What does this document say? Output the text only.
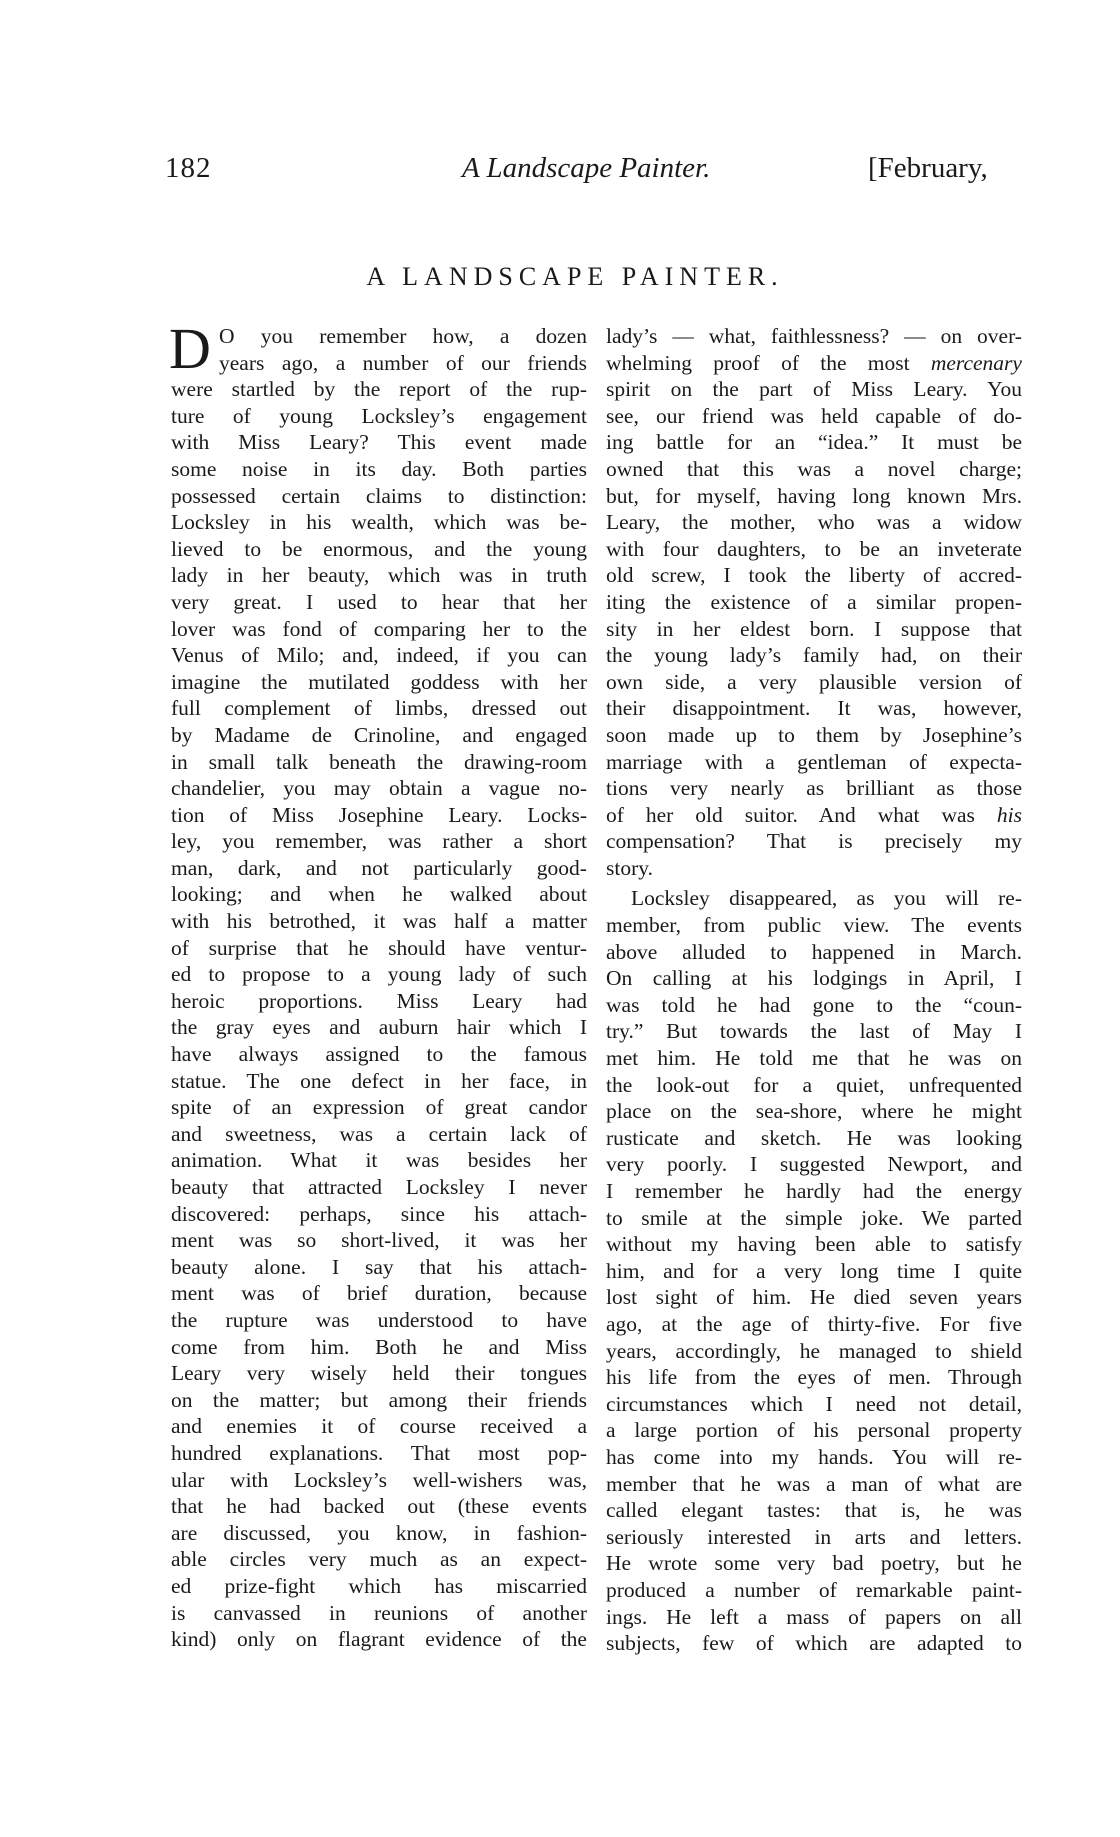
182	A Landscape Painter.	[February,
A LANDSCAPE PAINTER.
D O you remember how, a dozen
years ago, a number of our friends
were startled by the report of the rup-
ture of young Locksley’s engagement
with Miss Leary? This event made
some noise in its day. Both parties
possessed certain claims to distinction:
Locksley in his wealth, which was be-
lieved to be enormous, and the young
lady in her beauty, which was in truth
very great. I used to hear that her
lover was fond of comparing her to the
Venus of Milo; and, indeed, if you can
imagine the mutilated goddess with her
full complement of limbs, dressed out
by Madame de Crinoline, and engaged
in small talk beneath the drawing-room
chandelier, you may obtain a vague no-
tion of Miss Josephine Leary. Locks-
ley, you remember, was rather a short
man, dark, and not particularly good-
looking; and when he walked about
with his betrothed, it was half a matter
of surprise that he should have ventur-
ed to propose to a young lady of such
heroic proportions. Miss Leary had
the gray eyes and auburn hair which I
have always assigned to the famous
statue. The one defect in her face, in
spite of an expression of great candor
and sweetness, was a certain lack of
animation. What it was besides her
beauty that attracted Locksley I never
discovered: perhaps, since his attach-
ment was so short-lived, it was her
beauty alone. I say that his attach-
ment was of brief duration, because
the rupture was understood to have
come from him. Both he and Miss
Leary very wisely held their tongues
on the matter; but among their friends
and enemies it of course received a
hundred explanations. That most pop-
ular with Locksley’s well-wishers was,
that he had backed out (these events
are discussed, you know, in fashion-
able circles very much as an expect-
ed prize-fight which has miscarried
is canvassed in reunions of another
kind) only on flagrant evidence of the
lady’s — what, faithlessness? — on over-
whelming proof of the most mercenary
spirit on the part of Miss Leary. You
see, our friend was held capable of do-
ing battle for an “idea.” It must be
owned that this was a novel charge;
but, for myself, having long known Mrs.
Leary, the mother, who was a widow
with four daughters, to be an inveterate
old screw, I took the liberty of accred-
iting the existence of a similar propen-
sity in her eldest born. I suppose that
the young lady’s family had, on their
own side, a very plausible version of
their disappointment. It was, however,
soon made up to them by Josephine’s
marriage with a gentleman of expecta-
tions very nearly as brilliant as those
of her old suitor. And what was his
compensation? That is precisely my
story.
Locksley disappeared, as you will re-
member, from public view. The events
above alluded to happened in March.
On calling at his lodgings in April, I
was told he had gone to the “coun-
try.” But towards the last of May I
met him. He told me that he was on
the look-out for a quiet, unfrequented
place on the sea-shore, where he might
rusticate and sketch. He was looking
very poorly. I suggested Newport, and
I remember he hardly had the energy
to smile at the simple joke. We parted
without my having been able to satisfy
him, and for a very long time I quite
lost sight of him. He died seven years
ago, at the age of thirty-five. For five
years, accordingly, he managed to shield
his life from the eyes of men. Through
circumstances which I need not detail,
a large portion of his personal property
has come into my hands. You will re-
member that he was a man of what are
called elegant tastes: that is, he was
seriously interested in arts and letters.
He wrote some very bad poetry, but he
produced a number of remarkable paint-
ings. He left a mass of papers on all
subjects, few of which are adapted to
